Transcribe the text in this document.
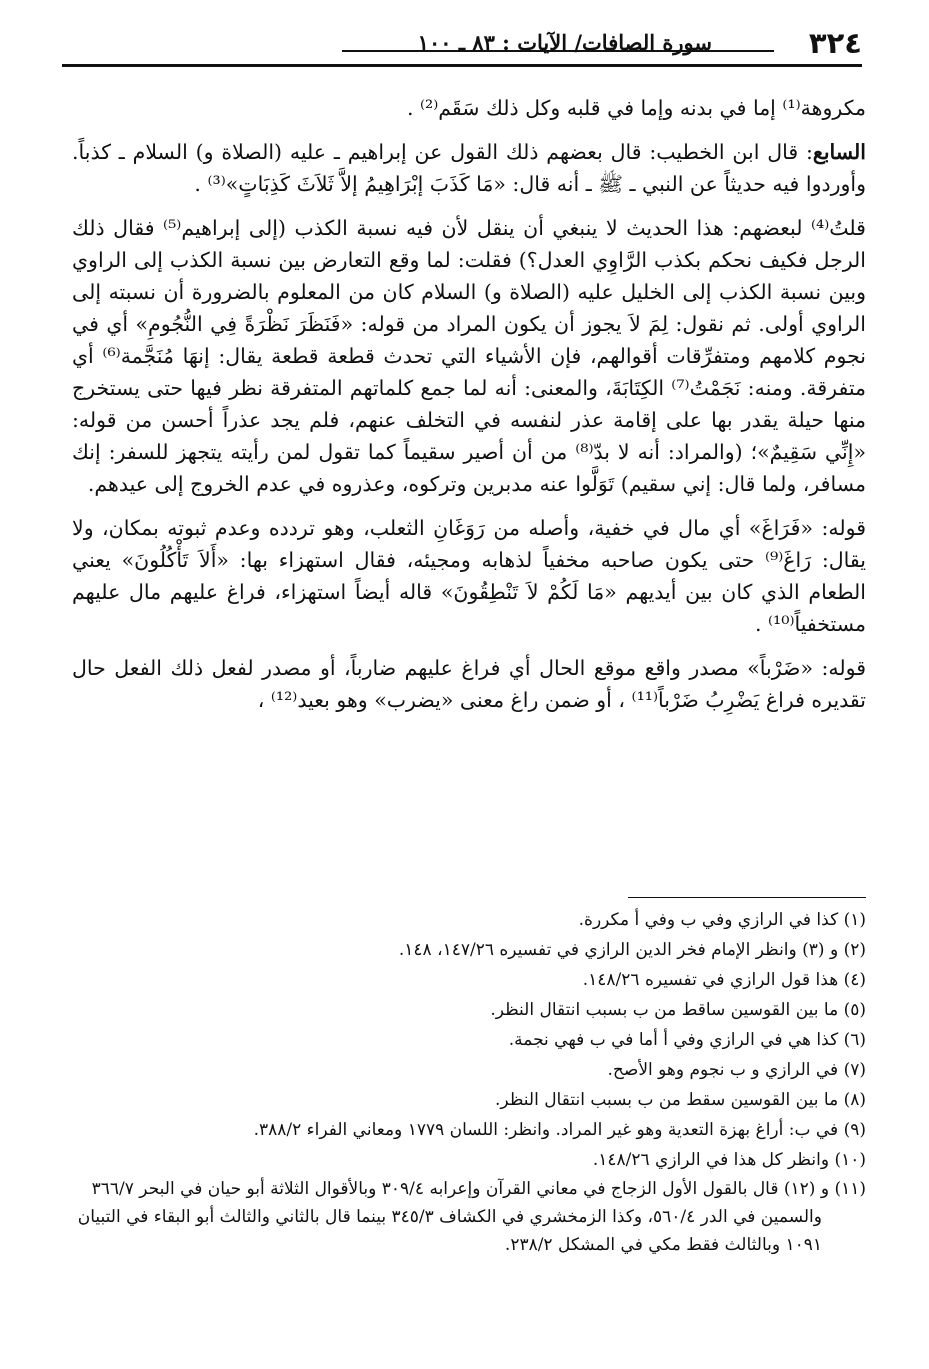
٣٢٤
سورة الصافات/ الآيات : ٨٣ ـ ١٠٠

مكروهة⁽¹⁾ إما في بدنه وإما في قلبه وكل ذلك سَقَم⁽²⁾ .

السابع: قال ابن الخطيب: قال بعضهم ذلك القول عن إبراهيم ـ عليه (الصلاة و) السلام ـ كذباً. وأوردوا فيه حديثاً عن النبي ـ ﷺ ـ أنه قال: «مَا كَذَبَ إبْرَاهِيمُ إلاَّ ثَلاَثَ كَذِبَاتٍ»⁽³⁾ .

قلتُ⁽⁴⁾ لبعضهم: هذا الحديث لا ينبغي أن ينقل لأن فيه نسبة الكذب (إلى إبراهيم⁽⁵⁾ فقال ذلك الرجل فكيف نحكم بكذب الرَّاوِي العدل؟) فقلت: لما وقع التعارض بين نسبة الكذب إلى الراوي وبين نسبة الكذب إلى الخليل عليه (الصلاة و) السلام كان من المعلوم بالضرورة أن نسبته إلى الراوي أولى. ثم نقول: لِمَ لاَ يجوز أن يكون المراد من قوله: «فَنَظَرَ نَظْرَةً فِي النُّجُومِ» أي في نجوم كلامهم ومتفرِّقات أقوالهم، فإن الأشياء التي تحدث قطعة قطعة يقال: إنهَا مُنَجَّمة⁽⁶⁾ أي متفرقة. ومنه: نَجَمْتُ⁽⁷⁾ الكِتَابَةَ، والمعنى: أنه لما جمع كلماتهم المتفرقة نظر فيها حتى يستخرج منها حيلة يقدر بها على إقامة عذر لنفسه في التخلف عنهم، فلم يجد عذراً أحسن من قوله: «إِنِّي سَقِيمٌ»؛ (والمراد: أنه لا بدّ⁽⁸⁾ من أن أصير سقيماً كما تقول لمن رأيته يتجهز للسفر: إنك مسافر، ولما قال: إني سقيم) تَوَلَّوا عنه مدبرين وتركوه، وعذروه في عدم الخروج إلى عيدهم.

قوله: «فَرَاغَ» أي مال في خفية، وأصله من رَوَغَانِ الثعلب، وهو تردده وعدم ثبوته بمكان، ولا يقال: رَاغَ⁽⁹⁾ حتى يكون صاحبه مخفياً لذهابه ومجيئه، فقال استهزاء بها: «أَلاَ تَأْكُلُونَ» يعني الطعام الذي كان بين أيديهم «مَا لَكُمْ لاَ تَنْطِقُونَ» قاله أيضاً استهزاء، فراغ عليهم مال عليهم مستخفياً⁽¹⁰⁾ .

قوله: «ضَرْباً» مصدر واقع موقع الحال أي فراغ عليهم ضارباً، أو مصدر لفعل ذلك الفعل حال تقديره فراغ يَضْرِبُ ضَرْباً⁽¹¹⁾ ، أو ضمن راغ معنى «يضرب» وهو بعيد⁽¹²⁾ ،

(١) كذا في الرازي وفي ب وفي أ مكررة.
(٢) و (٣) وانظر الإمام فخر الدين الرازي في تفسيره ١٤٧/٢٦، ١٤٨.
(٤) هذا قول الرازي في تفسيره ١٤٨/٢٦.
(٥) ما بين القوسين ساقط من ب بسبب انتقال النظر.
(٦) كذا هي في الرازي وفي أ أما في ب فهي نجمة.
(٧) في الرازي و ب نجوم وهو الأصح.
(٨) ما بين القوسين سقط من ب بسبب انتقال النظر.
(٩) في ب: أراغ بهزة التعدية وهو غير المراد. وانظر: اللسان ١٧٧٩ ومعاني الفراء ٣٨٨/٢.
(١٠) وانظر كل هذا في الرازي ١٤٨/٢٦.
(١١) و (١٢) قال بالقول الأول الزجاج في معاني القرآن وإعرابه ٣٠٩/٤ وبالأقوال الثلاثة أبو حيان في البحر ٣٦٦/٧ والسمين في الدر ٥٦٠/٤، وكذا الزمخشري في الكشاف ٣٤٥/٣ بينما قال بالثاني والثالث أبو البقاء في التبيان ١٠٩١ وبالثالث فقط مكي في المشكل ٢٣٨/٢.
